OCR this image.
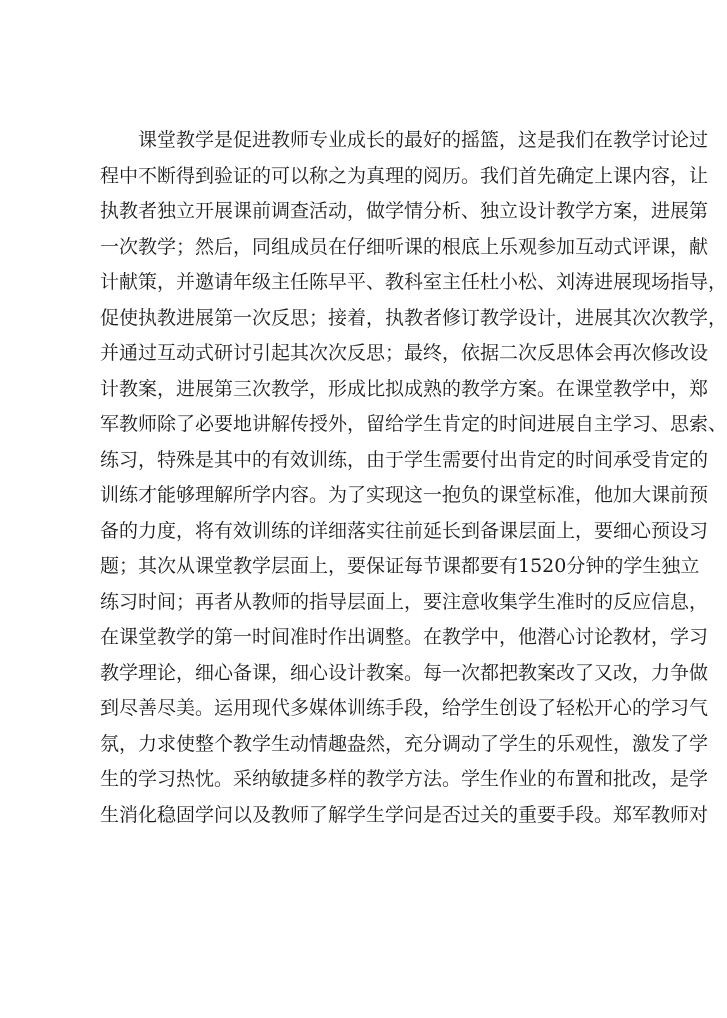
课堂教学是促进教师专业成长的最好的摇篮，这是我们在教学讨论过
程中不断得到验证的可以称之为真理的阅历。我们首先确定上课内容，让
执教者独立开展课前调查活动，做学情分析、独立设计教学方案，进展第
一次教学；然后，同组成员在仔细听课的根底上乐观参加互动式评课，献
计献策，并邀请年级主任陈早平、教科室主任杜小松、刘涛进展现场指导，
促使执教进展第一次反思；接着，执教者修订教学设计，进展其次次教学，
并通过互动式研讨引起其次次反思；最终，依据二次反思体会再次修改设
计教案，进展第三次教学，形成比拟成熟的教学方案。在课堂教学中，郑
军教师除了必要地讲解传授外，留给学生肯定的时间进展自主学习、思索、
练习，特殊是其中的有效训练，由于学生需要付出肯定的时间承受肯定的
训练才能够理解所学内容。为了实现这一抱负的课堂标准，他加大课前预
备的力度，将有效训练的详细落实往前延长到备课层面上，要细心预设习
题；其次从课堂教学层面上，要保证每节课都要有1520分钟的学生独立
练习时间；再者从教师的指导层面上，要注意收集学生准时的反应信息，
在课堂教学的第一时间准时作出调整。在教学中，他潜心讨论教材，学习
教学理论，细心备课，细心设计教案。每一次都把教案改了又改，力争做
到尽善尽美。运用现代多媒体训练手段，给学生创设了轻松开心的学习气
氛，力求使整个教学生动情趣盎然，充分调动了学生的乐观性，激发了学
生的学习热忱。采纳敏捷多样的教学方法。学生作业的布置和批改，是学
生消化稳固学问以及教师了解学生学问是否过关的重要手段。郑军教师对
